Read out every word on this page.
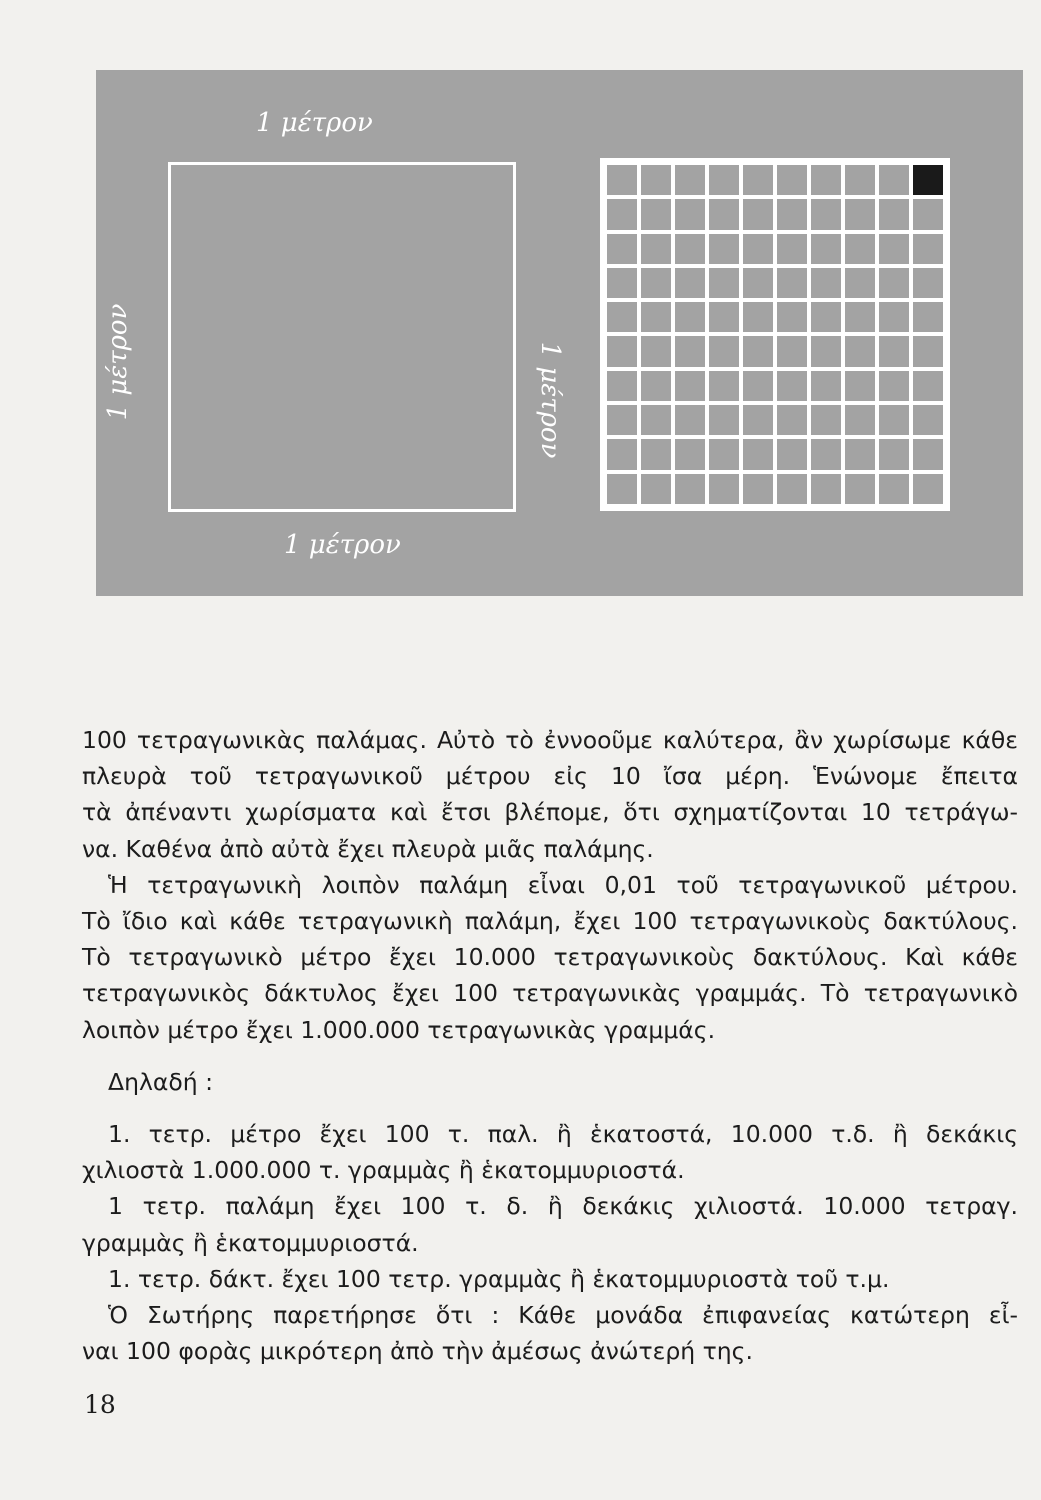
1 μέτρον
1 μέτρον	1 μέτρον
1 μέτρον

100 τετραγωνικὰς παλάμας. Αὐτὸ τὸ ἐννοοῦμε καλύτερα, ἂν χωρίσωμε κάθε

πλευρὰ τοῦ τετραγωνικοῦ μέτρου εἰς 10 ἴσα μέρη. Ἑνώνομε ἔπειτα

τὰ ἀπέναντι χωρίσματα καὶ ἔτσι βλέπομε, ὅτι σχηματίζονται 10 τετράγω-

να. Καθένα ἀπὸ αὐτὰ ἔχει πλευρὰ μιᾶς παλάμης.

Ἡ τετραγωνικὴ λοιπὸν παλάμη εἶναι 0,01 τοῦ τετραγωνικοῦ μέτρου.

Τὸ ἴδιο καὶ κάθε τετραγωνικὴ παλάμη, ἔχει 100 τετραγωνικοὺς δακτύλους.

Τὸ τετραγωνικὸ μέτρο ἔχει 10.000 τετραγωνικοὺς δακτύλους. Καὶ κάθε

τετραγωνικὸς δάκτυλος ἔχει 100 τετραγωνικὰς γραμμάς. Τὸ τετραγωνικὸ

λοιπὸν μέτρο ἔχει 1.000.000 τετραγωνικὰς γραμμάς.

Δηλαδή :

1. τετρ. μέτρο ἔχει 100 τ. παλ. ἢ ἑκατοστά, 10.000 τ.δ. ἢ δεκάκις

χιλιοστὰ 1.000.000 τ. γραμμὰς ἢ ἑκατομμυριοστά.

1 τετρ. παλάμη ἔχει 100 τ. δ. ἢ δεκάκις χιλιοστά. 10.000 τετραγ.

γραμμὰς ἢ ἑκατομμυριοστά.

1. τετρ. δάκτ. ἔχει 100 τετρ. γραμμὰς ἢ ἑκατομμυριοστὰ τοῦ τ.μ.

Ὁ Σωτήρης παρετήρησε ὅτι : Κάθε μονάδα ἐπιφανείας κατώτερη εἶ-

ναι 100 φορὰς μικρότερη ἀπὸ τὴν ἀμέσως ἀνώτερή της.

18
